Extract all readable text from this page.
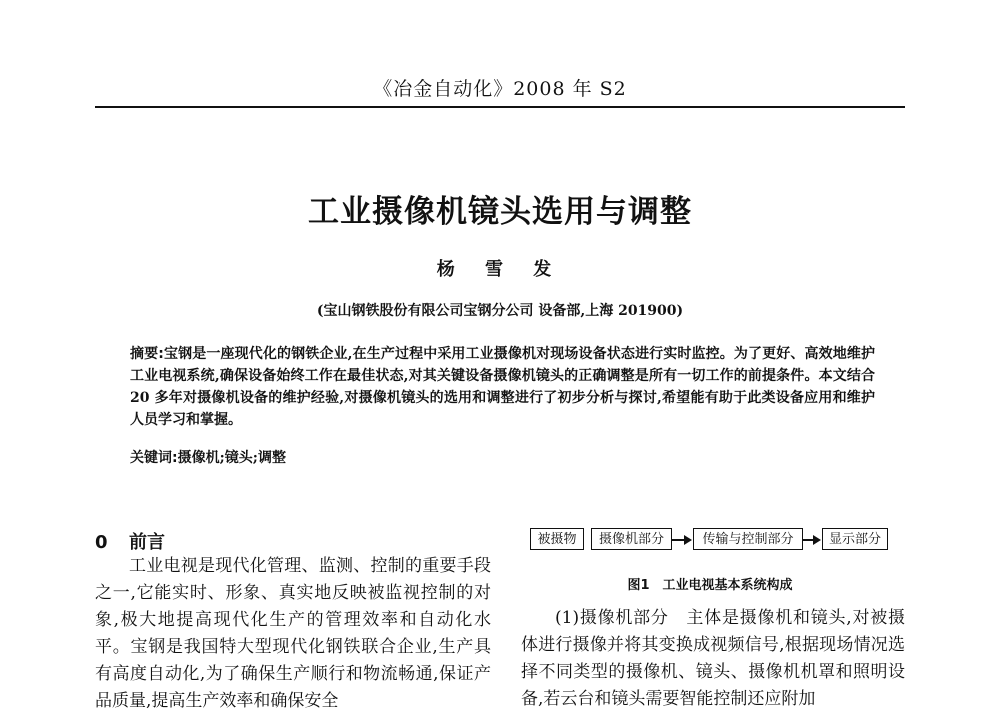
《冶金自动化》2008 年 S2
工业摄像机镜头选用与调整
杨 雪 发
(宝山钢铁股份有限公司宝钢分公司 设备部,上海 201900)

摘要:宝钢是一座现代化的钢铁企业,在生产过程中采用工业摄像机对现场设备状态进行实时监控。为了更好、高效地维护工业电视系统,确保设备始终工作在最佳状态,对其关键设备摄像机镜头的正确调整是所有一切工作的前提条件。本文结合 20 多年对摄像机设备的维护经验,对摄像机镜头的选用和调整进行了初步分析与探讨,希望能有助于此类设备应用和维护人员学习和掌握。

关键词:摄像机;镜头;调整

0 前言

工业电视是现代化管理、监测、控制的重要手段之一,它能实时、形象、真实地反映被监视控制的对象,极大地提高现代化生产的管理效率和自动化水平。宝钢是我国特大型现代化钢铁联合企业,生产具有高度自动化,为了确保生产顺行和物流畅通,保证产品质量,提高生产效率和确保安全

被摄物	摄像机部分	传输与控制部分	显示部分
图1　工业电视基本系统构成

(1)摄像机部分　主体是摄像机和镜头,对被摄体进行摄像并将其变换成视频信号,根据现场情况选择不同类型的摄像机、镜头、摄像机机罩和照明设备,若云台和镜头需要智能控制还应附加
